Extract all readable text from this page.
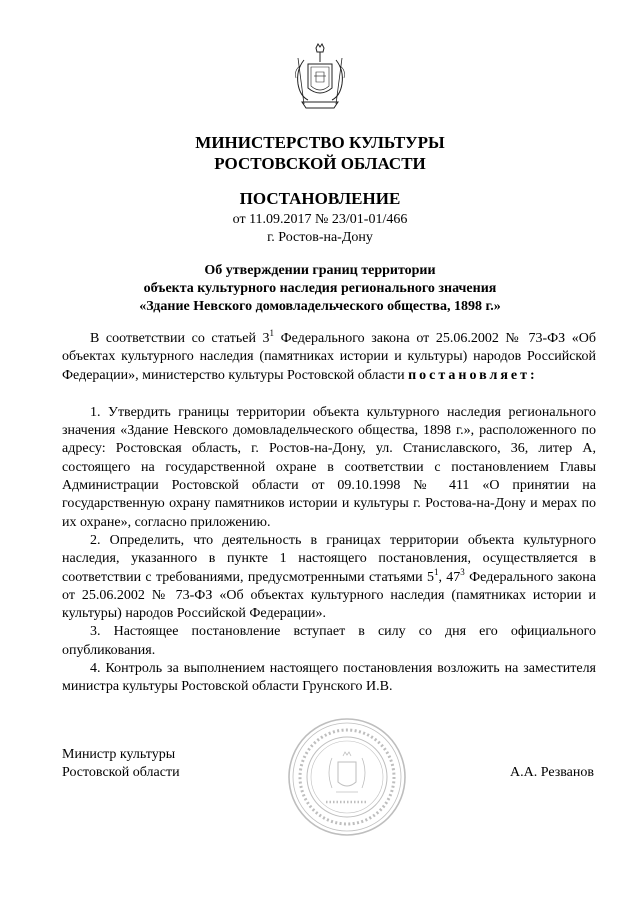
МИНИСТЕРСТВО КУЛЬТУРЫ
РОСТОВСКОЙ ОБЛАСТИ
ПОСТАНОВЛЕНИЕ
от 11.09.2017 № 23/01-01/466
г. Ростов-на-Дону
Об утверждении границ территории
объекта культурного наследия регионального значения
«Здание Невского домовладельческого общества, 1898 г.»

В соответствии со статьей $3^1$ Федерального закона от 25.06.2002 № 73-ФЗ «Об объектах культурного наследия (памятниках истории и культуры) народов Российской Федерации», министерство культуры Ростовской области постановляет:

1. Утвердить границы территории объекта культурного наследия регионального значения «Здание Невского домовладельческого общества, 1898 г.», расположенного по адресу: Ростовская область, г. Ростов-на-Дону, ул. Станиславского, 36, литер А, состоящего на государственной охране в соответствии с постановлением Главы Администрации Ростовской области от 09.10.1998 № 411 «О принятии на государственную охрану памятников истории и культуры г. Ростова-на-Дону и мерах по их охране», согласно приложению.

2. Определить, что деятельность в границах территории объекта культурного наследия, указанного в пункте 1 настоящего постановления, осуществляется в соответствии с требованиями, предусмотренными статьями $5^1$, $47^3$ Федерального закона от 25.06.2002 № 73-ФЗ «Об объектах культурного наследия (памятниках истории и культуры) народов Российской Федерации».

3. Настоящее постановление вступает в силу со дня его официального опубликования.

4. Контроль за выполнением настоящего постановления возложить на заместителя министра культуры Ростовской области Грунского И.В.

Министр культуры
Ростовской области	А.А. Резванов
